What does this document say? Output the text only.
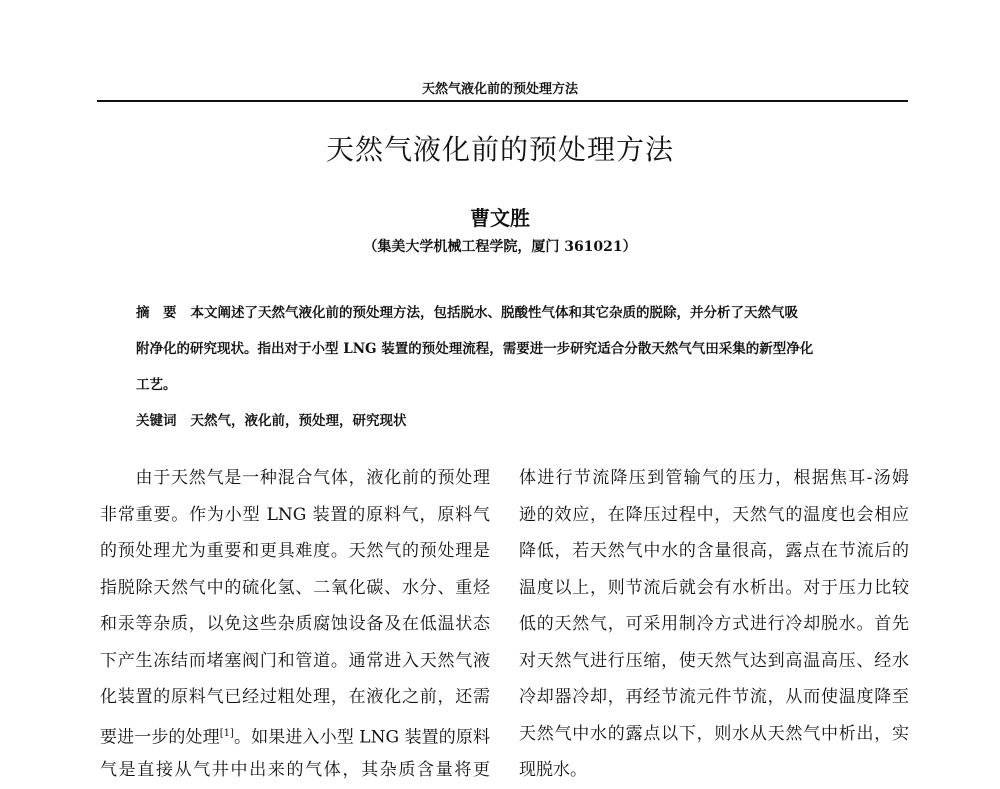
天然气液化前的预处理方法
天然气液化前的预处理方法
曹文胜
（集美大学机械工程学院，厦门 361021）
摘　要 本文阐述了天然气液化前的预处理方法，包括脱水、脱酸性气体和其它杂质的脱除，并分析了天然气吸
附净化的研究现状。指出对于小型 LNG 装置的预处理流程，需要进一步研究适合分散天然气气田采集的新型净化
工艺。
关键词 天然气，液化前，预处理，研究现状
　　由于天然气是一种混合气体，液化前的预处理
非常重要。作为小型 LNG 装置的原料气，原料气
的预处理尤为重要和更具难度。天然气的预处理是
指脱除天然气中的硫化氢、二氧化碳、水分、重烃
和汞等杂质，以免这些杂质腐蚀设备及在低温状态
下产生冻结而堵塞阀门和管道。通常进入天然气液
化装置的原料气已经过粗处理，在液化之前，还需
要进一步的处理[1]。如果进入小型 LNG 装置的原料
气是直接从气井中出来的气体，其杂质含量将更
体进行节流降压到管输气的压力，根据焦耳-汤姆
逊的效应，在降压过程中，天然气的温度也会相应
降低，若天然气中水的含量很高，露点在节流后的
温度以上，则节流后就会有水析出。对于压力比较
低的天然气，可采用制冷方式进行冷却脱水。首先
对天然气进行压缩，使天然气达到高温高压、经水
冷却器冷却，再经节流元件节流，从而使温度降至
天然气中水的露点以下，则水从天然气中析出，实
现脱水。
